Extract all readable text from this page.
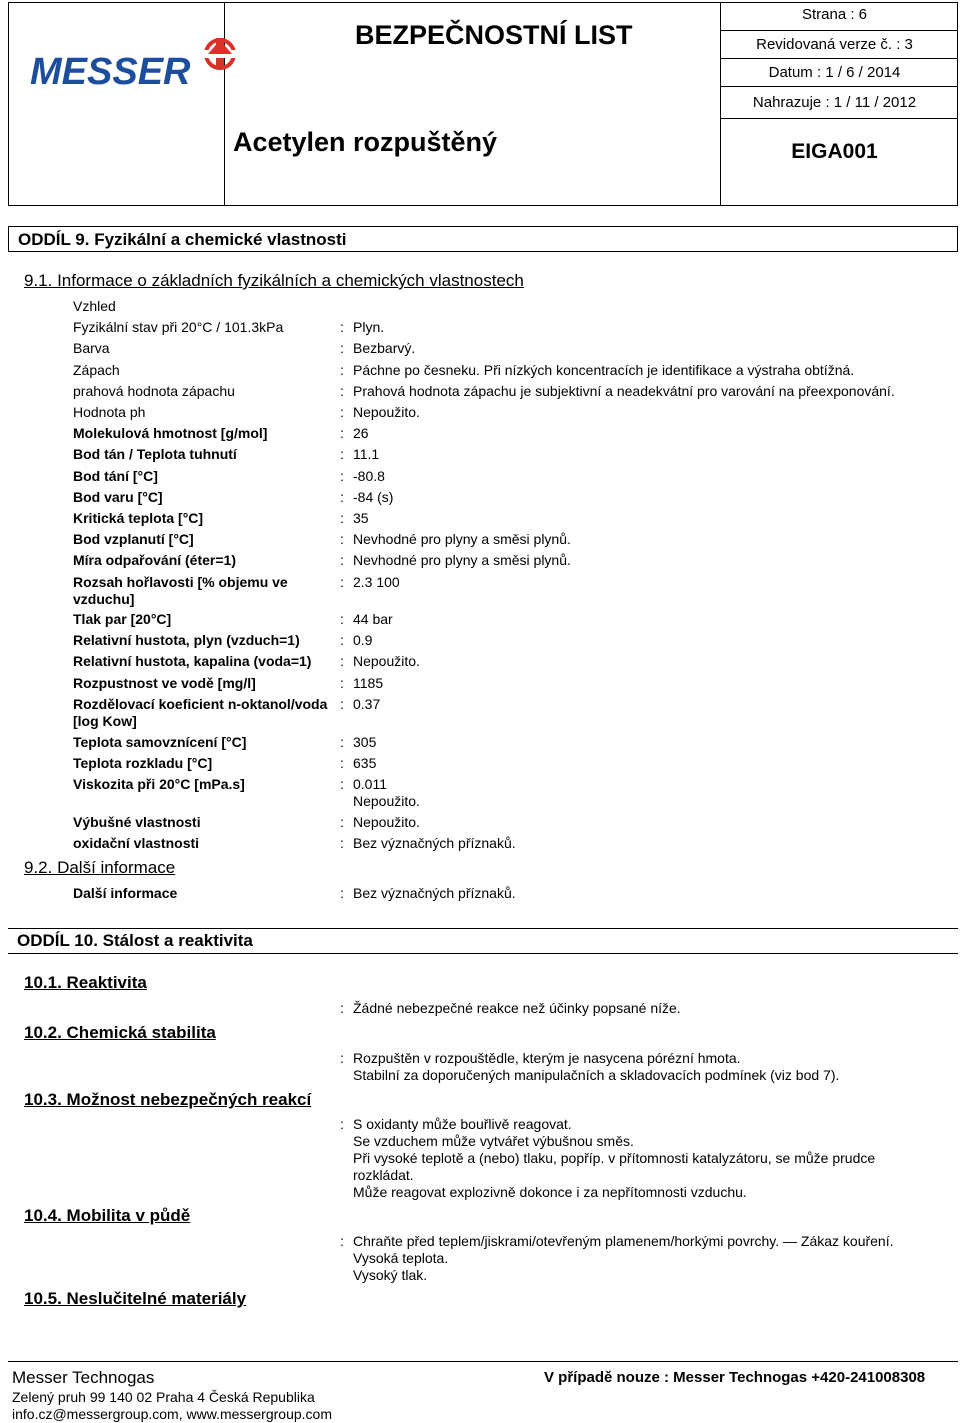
MESSER
BEZPEČNOSTNÍ LIST
Acetylen rozpuštěný
Strana : 6
Revidovaná verze č. : 3
Datum : 1 / 6 / 2014
Nahrazuje : 1 / 11 / 2012
EIGA001
ODDÍL 9. Fyzikální a chemické vlastnosti
9.1. Informace o základních fyzikálních a chemických vlastnostech
Vzhled
Fyzikální stav při 20°C / 101.3kPa	: Plyn.
Barva	: Bezbarvý.
Zápach	: Páchne po česneku. Při nízkých koncentracích je identifikace a výstraha obtížná.
prahová hodnota zápachu	: Prahová hodnota zápachu je subjektivní a neadekvátní pro varování na přeexponování.
Hodnota ph	: Nepoužito.
Molekulová hmotnost [g/mol]	: 26
Bod tán / Teplota tuhnutí	: 11.1
Bod tání [°C]	: -80.8
Bod varu [°C]	: -84 (s)
Kritická teplota [°C]	: 35
Bod vzplanutí [°C]	: Nevhodné pro plyny a směsi plynů.
Míra odpařování (éter=1)	: Nevhodné pro plyny a směsi plynů.
Rozsah hořlavosti [% objemu ve vzduchu]
: 2.3 100
Tlak par [20°C]	: 44 bar
Relativní hustota, plyn (vzduch=1)	: 0.9
Relativní hustota, kapalina (voda=1)	: Nepoužito.
Rozpustnost ve vodě [mg/l]	: 1185
Rozdělovací koeficient n-oktanol/voda [log Kow]
: 0.37
Teplota samovznícení [°C]	: 305
Teplota rozkladu [°C]	: 635
Viskozita při 20°C [mPa.s]	: 0.011
Nepoužito.
Výbušné vlastnosti	: Nepoužito.
oxidační vlastnosti	: Bez význačných příznaků.
9.2. Další informace
Další informace	: Bez význačných příznaků.
ODDÍL 10. Stálost a reaktivita
10.1. Reaktivita
: Žádné nebezpečné reakce než účinky popsané níže.
10.2. Chemická stabilita
: Rozpuštěn v rozpouštědle, kterým je nasycena pórézní hmota.
Stabilní za doporučených manipulačních a skladovacích podmínek (viz bod 7).
10.3. Možnost nebezpečných reakcí
: S oxidanty může bouřlivě reagovat.
Se vzduchem může vytvářet výbušnou směs.
Při vysoké teplotě a (nebo) tlaku, popříp. v přítomnosti katalyzátoru, se může prudce rozkládat.
Může reagovat explozivně dokonce i za nepřítomnosti vzduchu.
10.4. Mobilita v půdě
: Chraňte před teplem/jiskrami/otevřeným plamenem/horkými povrchy. — Zákaz kouření.
Vysoká teplota.
Vysoký tlak.
10.5. Neslučitelné materiály
Messer Technogas
Zelený pruh 99 140 02 Praha 4 Česká Republika
info.cz@messergroup.com, www.messergroup.com
V případě nouze : Messer Technogas +420-241008308
